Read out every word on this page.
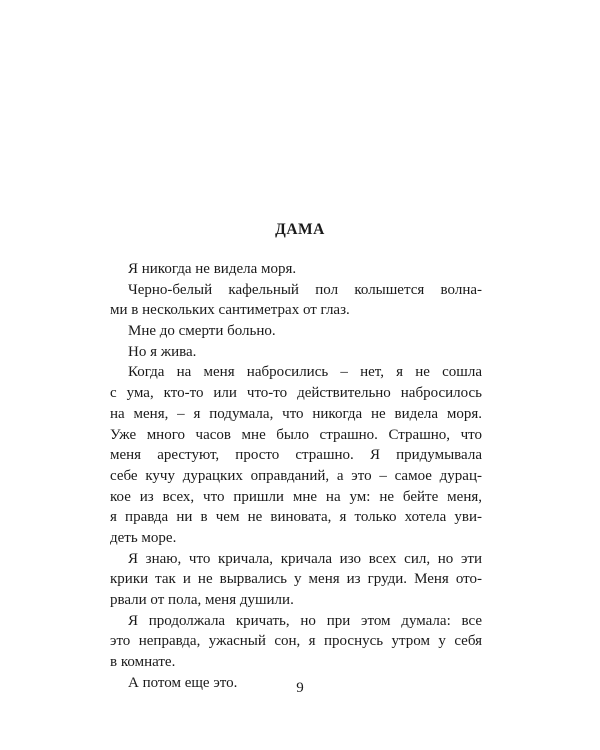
ДАМА
Я никогда не видела моря.
Черно-белый кафельный пол колышется волна-
ми в нескольких сантиметрах от глаз.
Мне до смерти больно.
Но я жива.
Когда на меня набросились – нет, я не сошла
с ума, кто-то или что-то действительно набросилось
на меня, – я подумала, что никогда не видела моря.
Уже много часов мне было страшно. Страшно, что
меня арестуют, просто страшно. Я придумывала
себе кучу дурацких оправданий, а это – самое дурац-
кое из всех, что пришли мне на ум: не бейте меня,
я правда ни в чем не виновата, я только хотела уви-
деть море.
Я знаю, что кричала, кричала изо всех сил, но эти
крики так и не вырвались у меня из груди. Меня ото-
рвали от пола, меня душили.
Я продолжала кричать, но при этом думала: все
это неправда, ужасный сон, я проснусь утром у себя
в комнате.
А потом еще это.	9
